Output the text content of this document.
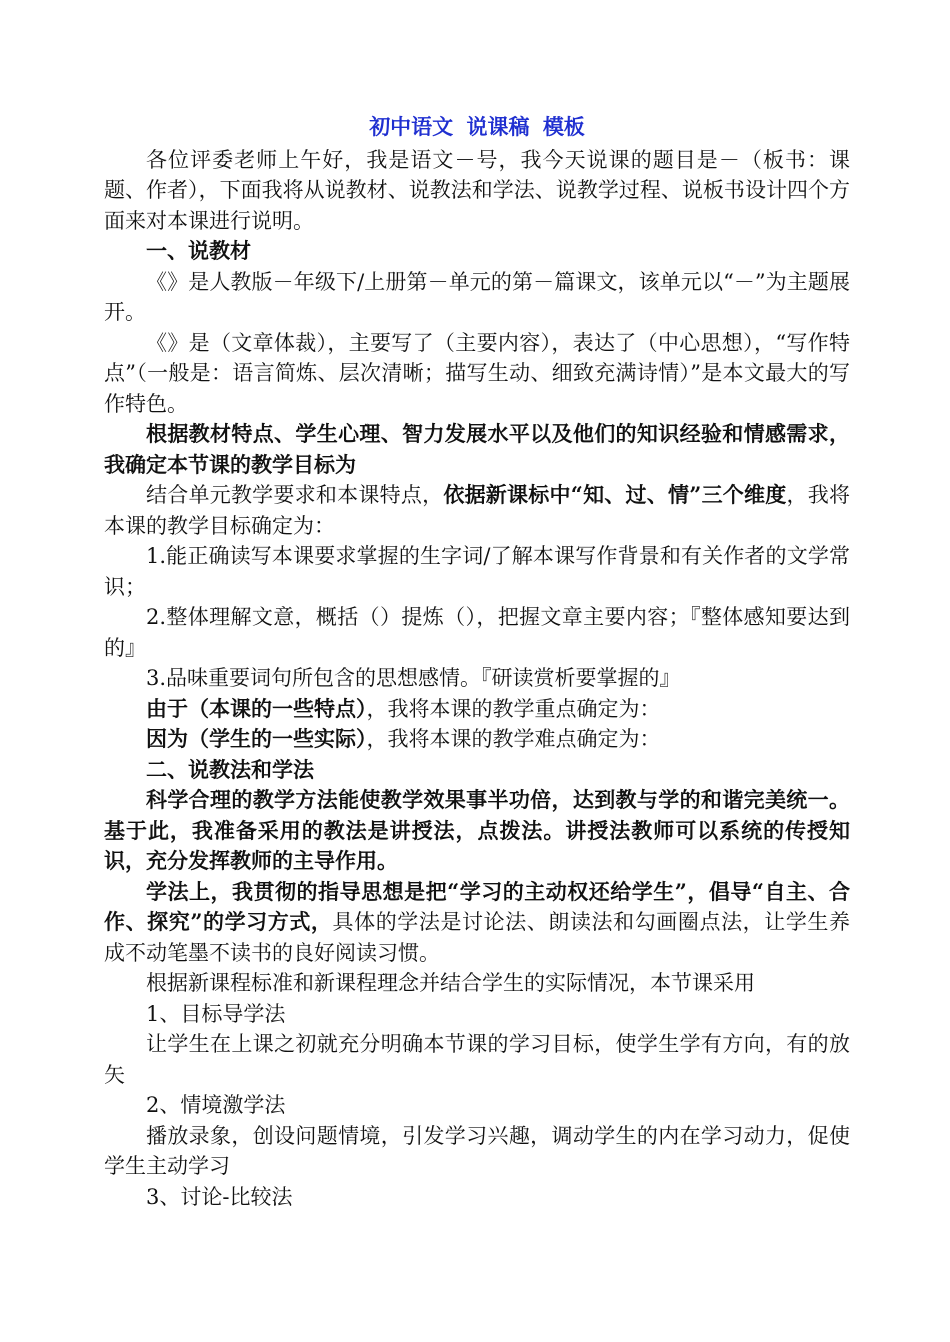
初中语文 说课稿 模板

各位评委老师上午好，我是语文－号，我今天说课的题目是－（板书：课题、作者），下面我将从说教材、说教法和学法、说教学过程、说板书设计四个方面来对本课进行说明。

一、说教材

《》是人教版－年级下/上册第－单元的第－篇课文，该单元以“－”为主题展开。

《》是（文章体裁），主要写了（主要内容），表达了（中心思想），“写作特点”（一般是：语言简炼、层次清晰；描写生动、细致充满诗情）”是本文最大的写作特色。

根据教材特点、学生心理、智力发展水平以及他们的知识经验和情感需求，我确定本节课的教学目标为

结合单元教学要求和本课特点，依据新课标中“知、过、情”三个维度，我将本课的教学目标确定为：

1.能正确读写本课要求掌握的生字词/了解本课写作背景和有关作者的文学常识；

2.整体理解文意，概括（）提炼（），把握文章主要内容；『整体感知要达到的』

3.品味重要词句所包含的思想感情。『研读赏析要掌握的』

由于（本课的一些特点），我将本课的教学重点确定为：

因为（学生的一些实际），我将本课的教学难点确定为：

二、说教法和学法

科学合理的教学方法能使教学效果事半功倍，达到教与学的和谐完美统一。基于此，我准备采用的教法是讲授法，点拨法。讲授法教师可以系统的传授知识，充分发挥教师的主导作用。

学法上，我贯彻的指导思想是把“学习的主动权还给学生”，倡导“自主、合作、探究”的学习方式，具体的学法是讨论法、朗读法和勾画圈点法，让学生养成不动笔墨不读书的良好阅读习惯。

根据新课程标准和新课程理念并结合学生的实际情况，本节课采用

1、目标导学法

让学生在上课之初就充分明确本节课的学习目标，使学生学有方向，有的放矢

2、情境激学法

播放录象，创设问题情境，引发学习兴趣，调动学生的内在学习动力，促使学生主动学习

3、讨论-比较法
